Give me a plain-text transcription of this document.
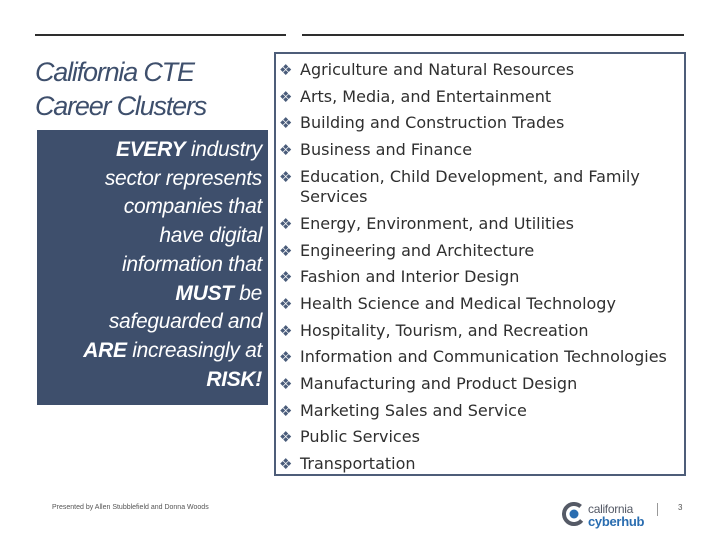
California CTE
Career Clusters
EVERY industry
sector represents
companies that
have digital
information that
MUST be
safeguarded and
ARE increasingly at
RISK!
❖ Agriculture and Natural Resources
❖ Arts, Media, and Entertainment
❖ Building and Construction Trades
❖ Business and Finance
❖ Education, Child Development, and Family Services
❖ Energy, Environment, and Utilities
❖ Engineering and Architecture
❖ Fashion and Interior Design
❖ Health Science and Medical Technology
❖ Hospitality, Tourism, and Recreation
❖ Information and Communication Technologies
❖ Manufacturing and Product Design
❖ Marketing Sales and Service
❖ Public Services
❖ Transportation
Presented by Allen Stubblefield and Donna Woods	california
cyberhub
3
